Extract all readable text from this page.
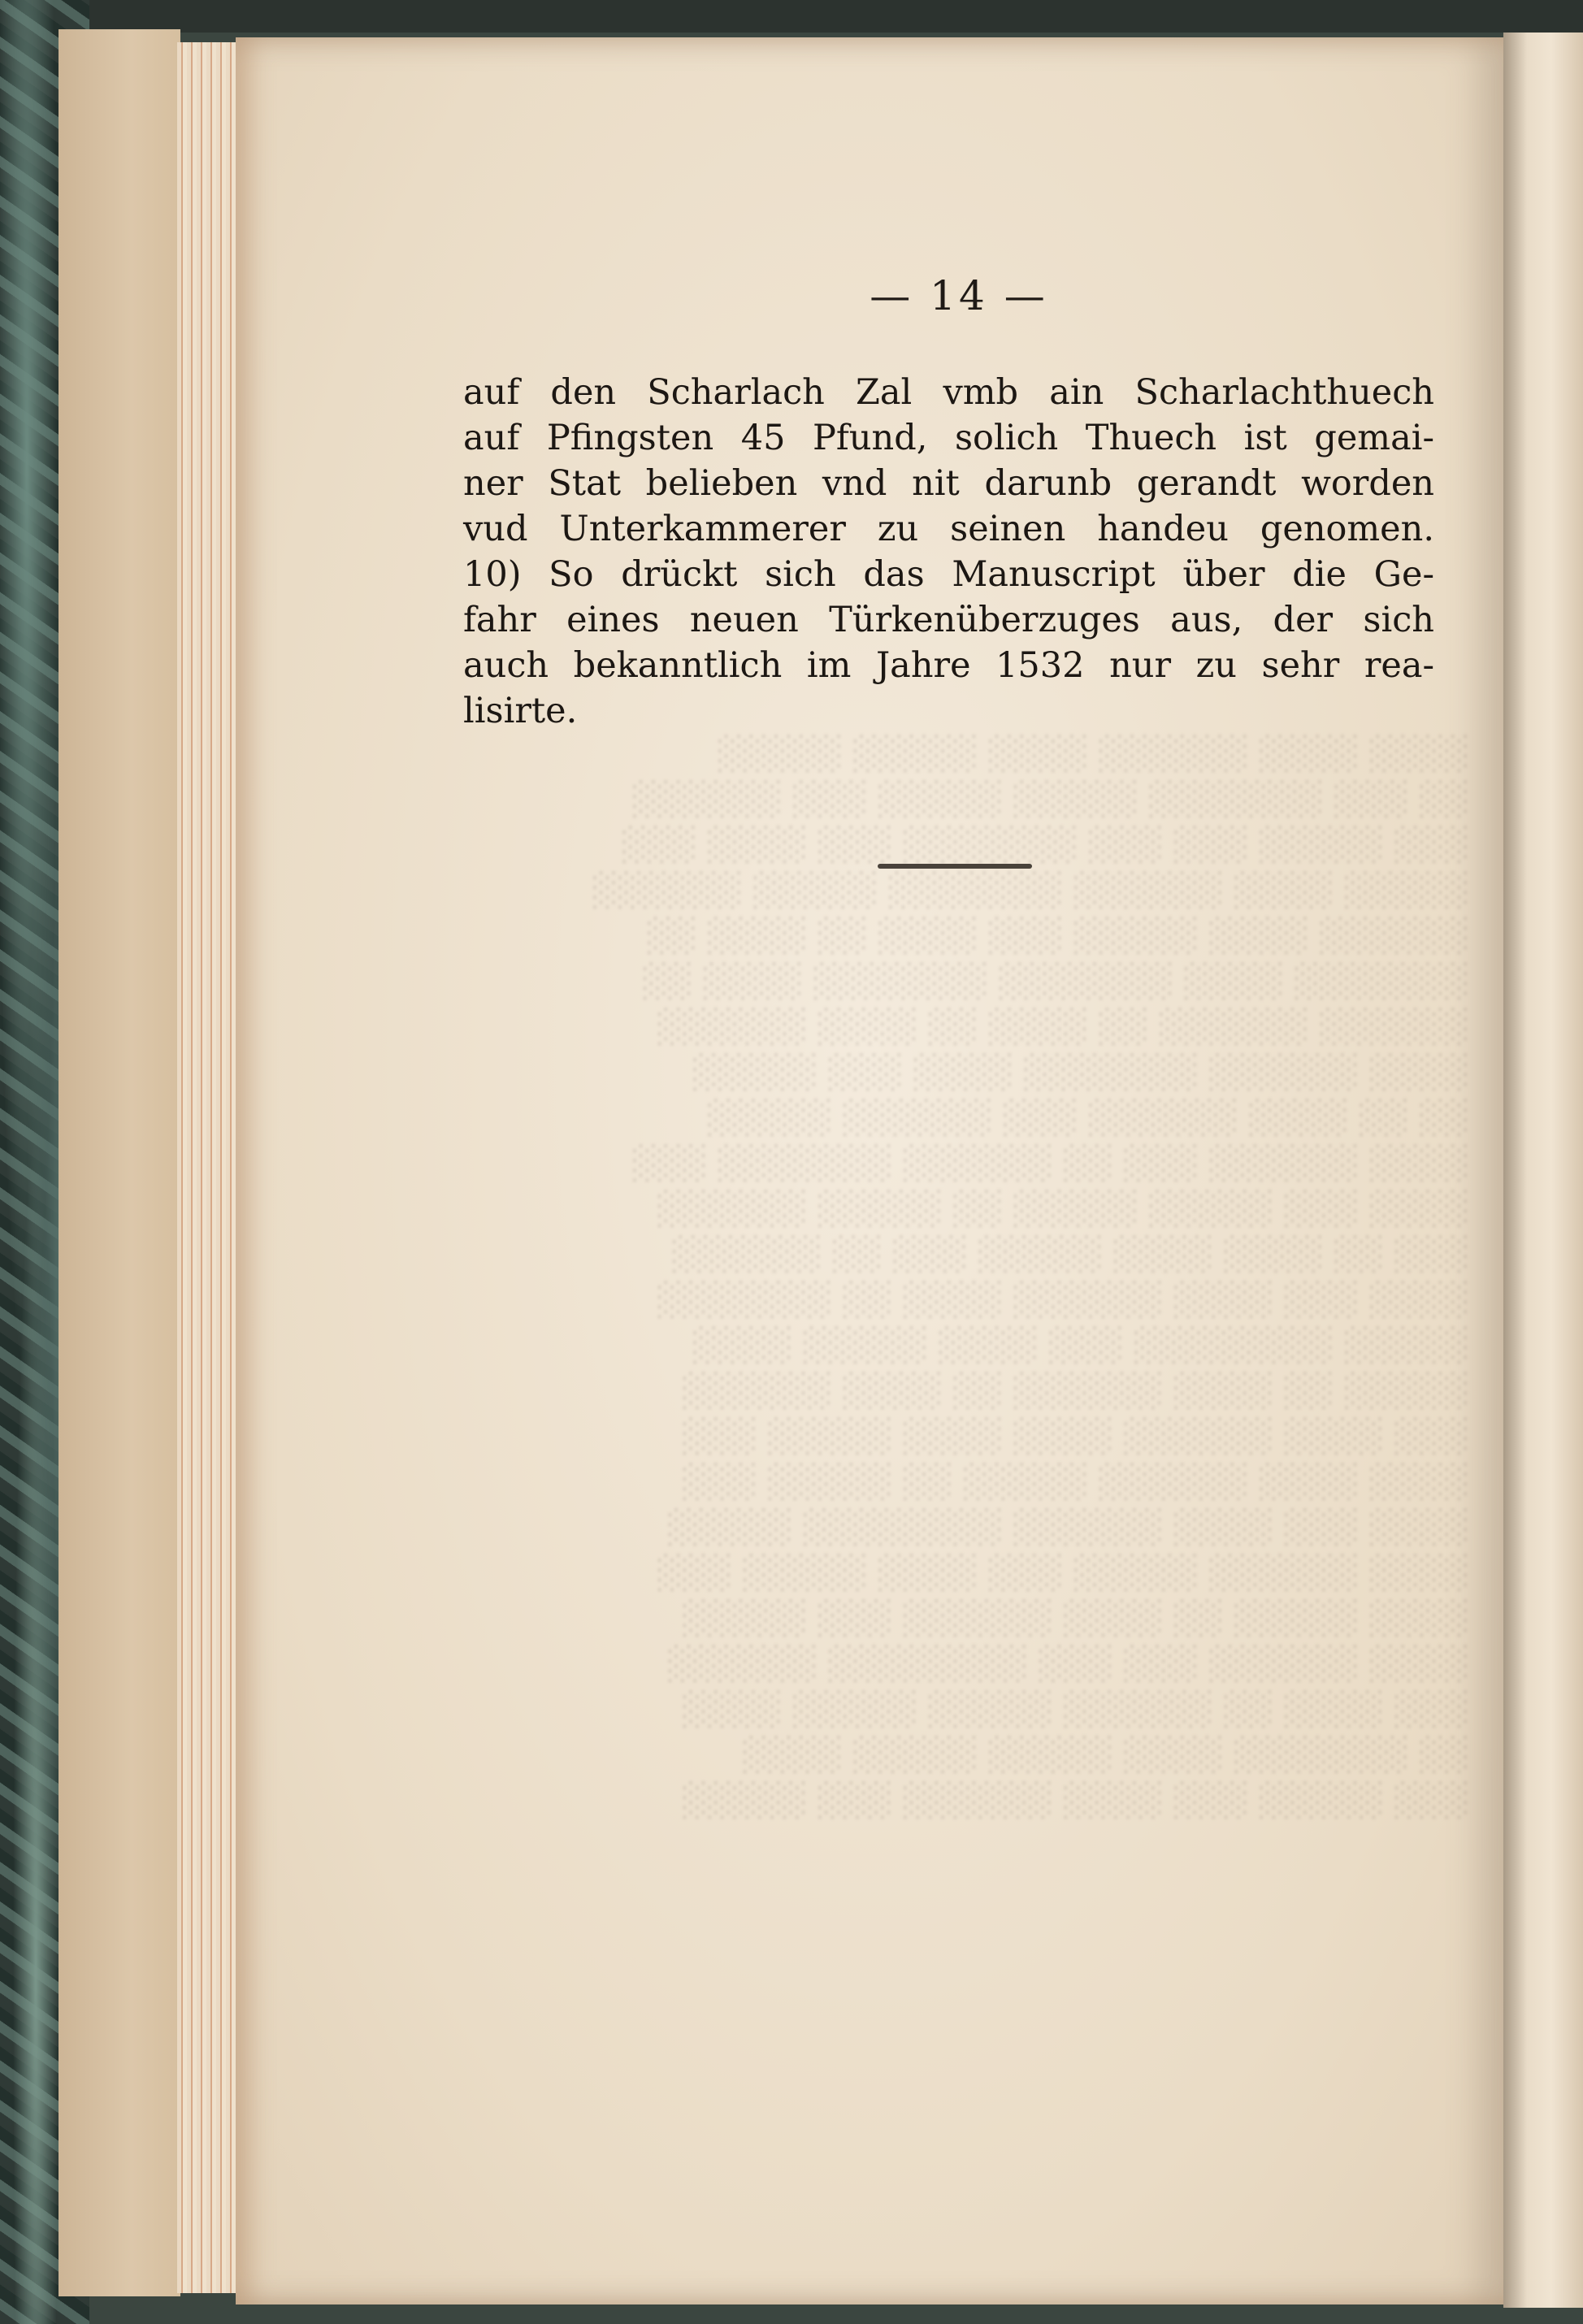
░░░░ ░░░░ ░░░░░░ ░░░░ ░░░░░ ░░░░░
░░ ░░░ ░░░░░░░ ░░░░░ ░░░░░ ░░░ ░░░░░░
░░░ ░░░░░ ░░░ ░░░ ░░░░░░░ ░░░ ░░░░ ░░░
░░░░░ ░░░░ ░░░░░░ ░░░░░░░ ░░░░░ ░░░░░░
░░░░░░ ░░░░ ░░░░░ ░░░ ░░░░ ░░ ░░░░ ░░
░░░░░░░ ░░░░ ░░░░░░░ ░░░░░░░ ░░░░ ░░
░░░░░░ ░░░░░░ ░░ ░░░░ ░░ ░░░░ ░░░░░░
░░░░ ░░░░░░ ░░░░░░░ ░░░░ ░░░ ░░░░░
░░ ░░ ░░░░ ░░░░░░ ░░░ ░░░░░░ ░░░░░
░░░░ ░░░░░░ ░░░ ░░ ░░░░░░ ░░░░░░░ ░░░
░░░░ ░░░ ░░░░░ ░░░░░ ░░ ░░░░░ ░░░░░░
░░░ ░░ ░░░░ ░░░░ ░░░░░ ░░░ ░░ ░░░░░░
░░░░ ░░░ ░░░░ ░░░░░░ ░░░░ ░░ ░░░░░░░
░░░░░ ░░░░░░░░ ░░░ ░░░░ ░░░░░ ░░░░
░░░░░ ░░ ░░░░ ░░░░░░ ░░ ░░░░ ░░░░░░
░░░ ░░░░ ░░░░░░ ░░░░ ░░░░ ░░░░░ ░░░
░░░░ ░░░░ ░░░░░░ ░░░░░ ░░ ░░░░░ ░░░
░░░░ ░░░ ░░░░ ░░░░░░ ░░░░░░░░ ░░░░░
░░░░ ░░░░░░ ░░░░░ ░░░ ░░░░ ░░░░░ ░░░
░░░░ ░░░░░ ░░ ░░░░ ░░░░░░ ░░░ ░░░░░
░░░░ ░░░░░░ ░░░ ░░░ ░░░░░░░░ ░░░░░░
░░░ ░░░░ ░░ ░░░░░░ ░░░░░ ░░░░░ ░░░░
░░ ░░░░░░░ ░░░░ ░░░░░ ░░░░░ ░░░░
░░░ ░░░░░ ░░░ ░░░░ ░░░░░░ ░░░ ░░░░░
— 14 —
auf den Scharlach Zal vmb ain Scharlachthuech
auf Pfingsten 45 Pfund, solich Thuech ist gemai-
ner Stat belieben vnd nit darunb gerandt worden
vud Unterkammerer zu seinen handeu genomen.
10) So drückt sich das Manuscript über die Ge-
fahr eines neuen Türkenüberzuges aus, der sich
auch bekanntlich im Jahre 1532 nur zu sehr rea-
lisirte.
